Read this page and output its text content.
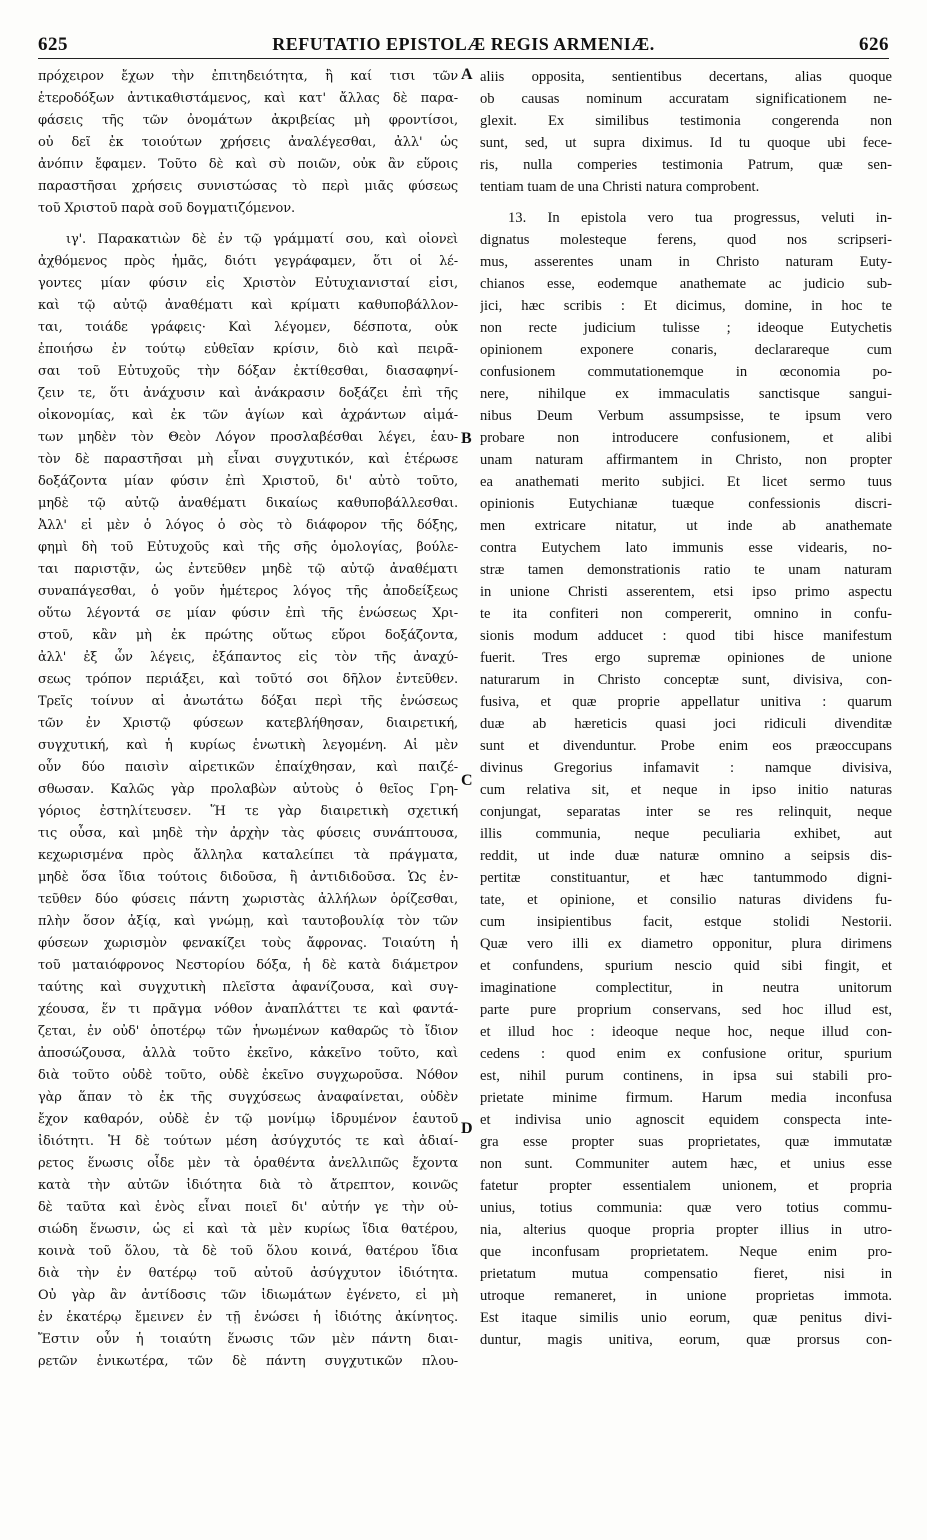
625	REFUTATIO EPISTOLÆ REGIS ARMENIÆ.	626
πρόχειρον ἔχων τὴν ἐπιτηδειότητα, ἢ καί τισι τῶν
ἑτεροδόξων ἀντικαθιστάμενος, καὶ κατ' ἄλλας δὲ παρα-
φάσεις τῆς τῶν ὀνομάτων ἀκριβείας μὴ φροντίσοι,
οὐ δεῖ ἐκ τοιούτων χρήσεις ἀναλέγεσθαι, ἀλλ' ὡς
ἀνόπιν ἔφαμεν. Τοῦτο δὲ καὶ σὺ ποιῶν, οὐκ ἂν εὕροις
παραστῆσαι χρήσεις συνιστώσας τὸ περὶ μιᾶς φύσεως
τοῦ Χριστοῦ παρὰ σοῦ δογματιζόμενον.
ιγ'. Παρακατιὼν δὲ ἐν τῷ γράμματί σου, καὶ οἱονεὶ
ἀχθόμενος πρὸς ἡμᾶς, διότι γεγράφαμεν, ὅτι οἱ λέ-
γοντες μίαν φύσιν εἰς Χριστὸν Εὐτυχιανισταί εἰσι,
καὶ τῷ αὐτῷ ἀναθέματι καὶ κρίματι καθυποβάλλον-
ται, τοιάδε γράφεις· Καὶ λέγομεν, δέσποτα, οὐκ
ἐποιήσω ἐν τούτῳ εὐθεῖαν κρίσιν, διὸ καὶ πειρᾶ-
σαι τοῦ Εὐτυχοῦς τὴν δόξαν ἐκτίθεσθαι, διασαφηνί-
ζειν τε, ὅτι ἀνάχυσιν καὶ ἀνάκρασιν δοξάζει ἐπὶ τῆς
οἰκονομίας, καὶ ἐκ τῶν ἁγίων καὶ ἀχράντων αἱμά-
των μηδὲν τὸν Θεὸν Λόγον προσλαβέσθαι λέγει, ἑαυ-
τὸν δὲ παραστῆσαι μὴ εἶναι συγχυτικόν, καὶ ἑτέρωσε
δοξάζοντα μίαν φύσιν ἐπὶ Χριστοῦ, δι' αὐτὸ τοῦτο,
μηδὲ τῷ αὐτῷ ἀναθέματι δικαίως καθυποβάλλεσθαι.
Ἀλλ' εἰ μὲν ὁ λόγος ὁ σὸς τὸ διάφορον τῆς δόξης,
φημὶ δὴ τοῦ Εὐτυχοῦς καὶ τῆς σῆς ὁμολογίας, βούλε-
ται παριστᾷν, ὡς ἐντεῦθεν μηδὲ τῷ αὐτῷ ἀναθέματι
συναπάγεσθαι, ὁ γοῦν ἡμέτερος λόγος τῆς ἀποδείξεως
οὕτω λέγοντά σε μίαν φύσιν ἐπὶ τῆς ἑνώσεως Χρι-
στοῦ, κἂν μὴ ἐκ πρώτης οὕτως εὕροι δοξάζοντα,
ἀλλ' ἐξ ὧν λέγεις, ἐξάπαντος εἰς τὸν τῆς ἀναχύ-
σεως τρόπον περιάξει, καὶ τοῦτό σοι δῆλον ἐντεῦθεν.
Τρεῖς τοίνυν αἱ ἀνωτάτω δόξαι περὶ τῆς ἑνώσεως
τῶν ἐν Χριστῷ φύσεων κατεβλήθησαν, διαιρετική,
συγχυτική, καὶ ἡ κυρίως ἑνωτικὴ λεγομένη. Αἱ μὲν
οὖν δύο παισὶν αἱρετικῶν ἐπαίχθησαν, καὶ παιζέ-
σθωσαν. Καλῶς γὰρ προλαβὼν αὐτοὺς ὁ θεῖος Γρη-
γόριος ἐστηλίτευσεν. Ἥ τε γὰρ διαιρετικὴ σχετική
τις οὖσα, καὶ μηδὲ τὴν ἀρχὴν τὰς φύσεις συνάπτουσα,
κεχωρισμένα πρὸς ἄλληλα καταλείπει τὰ πράγματα,
μηδὲ ὅσα ἴδια τούτοις διδοῦσα, ἢ ἀντιδιδοῦσα. Ὡς ἐν-
τεῦθεν δύο φύσεις πάντη χωριστὰς ἀλλήλων ὁρίζεσθαι,
πλὴν ὅσον ἀξίᾳ, καὶ γνώμῃ, καὶ ταυτοβουλίᾳ τὸν τῶν
φύσεων χωρισμὸν φενακίζει τοὺς ἄφρονας. Τοιαύτη ἡ
τοῦ ματαιόφρονος Νεστορίου δόξα, ἡ δὲ κατὰ διάμετρον
ταύτης καὶ συγχυτικὴ πλεῖστα ἀφανίζουσα, καὶ συγ-
χέουσα, ἕν τι πρᾶγμα νόθον ἀναπλάττει τε καὶ φαντά-
ζεται, ἐν οὐδ' ὁποτέρῳ τῶν ἡνωμένων καθαρῶς τὸ ἴδιον
ἀποσώζουσα, ἀλλὰ τοῦτο ἐκεῖνο, κἀκεῖνο τοῦτο, καὶ
διὰ τοῦτο οὐδὲ τοῦτο, οὐδὲ ἐκεῖνο συγχωροῦσα. Νόθον
γὰρ ἅπαν τὸ ἐκ τῆς συγχύσεως ἀναφαίνεται, οὐδὲν
ἔχον καθαρόν, οὐδὲ ἐν τῷ μονίμῳ ἱδρυμένον ἑαυτοῦ
ἰδιότητι. Ἡ δὲ τούτων μέση ἀσύγχυτός τε καὶ ἀδιαί-
ρετος ἕνωσις οἶδε μὲν τὰ ὁραθέντα ἀνελλιπῶς ἔχοντα
κατὰ τὴν αὐτῶν ἰδιότητα διὰ τὸ ἄτρεπτον, κοινῶς
δὲ ταῦτα καὶ ἑνὸς εἶναι ποιεῖ δι' αὐτήν γε τὴν οὐ-
σιώδη ἕνωσιν, ὡς εἰ καὶ τὰ μὲν κυρίως ἴδια θατέρου,
κοινὰ τοῦ ὅλου, τὰ δὲ τοῦ ὅλου κοινά, θατέρου ἴδια
διὰ τὴν ἐν θατέρῳ τοῦ αὐτοῦ ἀσύγχυτον ἰδιότητα.
Οὐ γὰρ ἂν ἀντίδοσις τῶν ἰδιωμάτων ἐγένετο, εἰ μὴ
ἐν ἑκατέρῳ ἔμεινεν ἐν τῇ ἑνώσει ἡ ἰδιότης ἀκίνητος.
Ἔστιν οὖν ἡ τοιαύτη ἕνωσις τῶν μὲν πάντη διαι-
ρετῶν ἑνικωτέρα, τῶν δὲ πάντη συγχυτικῶν πλου-
aliis opposita, sentientibus decertans, alias quoque
ob causas nominum accuratam significationem ne-
glexit. Ex similibus testimonia congerenda non
sunt, sed, ut supra diximus. Id tu quoque ubi fece-
ris, nulla comperies testimonia Patrum, quæ sen-
tentiam tuam de una Christi natura comprobent.
13. In epistola vero tua progressus, veluti in-
dignatus molesteque ferens, quod nos scripseri-
mus, asserentes unam in Christo naturam Euty-
chianos esse, eodemque anathemate ac judicio sub-
jici, hæc scribis : Et dicimus, domine, in hoc te
non recte judicium tulisse ; ideoque Eutychetis
opinionem exponere conaris, declarareque cum
confusionem commutationemque in œconomia po-
nere, nihilque ex immaculatis sanctisque sangui-
nibus Deum Verbum assumpsisse, te ipsum vero
probare non introducere confusionem, et alibi
unam naturam affirmantem in Christo, non propter
ea anathemati merito subjici. Et licet sermo tuus
opinionis Eutychianæ tuæque confessionis discri-
men extricare nitatur, ut inde ab anathemate
contra Eutychem lato immunis esse videaris, no-
stræ tamen demonstrationis ratio te unam naturam
in unione Christi asserentem, etsi ipso primo aspectu
te ita confiteri non compererit, omnino in confu-
sionis modum adducet : quod tibi hisce manifestum
fuerit. Tres ergo supremæ opiniones de unione
naturarum in Christo conceptæ sunt, divisiva, con-
fusiva, et quæ proprie appellatur unitiva : quarum
duæ ab hæreticis quasi joci ridiculi divenditæ
sunt et divenduntur. Probe enim eos præoccupans
divinus Gregorius infamavit : namque divisiva,
cum relativa sit, et neque in ipso initio naturas
conjungat, separatas inter se res relinquit, neque
illis communia, neque peculiaria exhibet, aut
reddit, ut inde duæ naturæ omnino a seipsis dis-
pertitæ constituantur, et hæc tantummodo digni-
tate, et opinione, et consilio naturas dividens fu-
cum insipientibus facit, estque stolidi Nestorii.
Quæ vero illi ex diametro opponitur, plura dirimens
et confundens, spurium nescio quid sibi fingit, et
imaginatione complectitur, in neutra unitorum
parte pure proprium conservans, sed hoc illud est,
et illud hoc : ideoque neque hoc, neque illud con-
cedens : quod enim ex confusione oritur, spurium
est, nihil purum continens, in ipsa sui stabili pro-
prietate minime firmum. Harum media inconfusa
et indivisa unio agnoscit equidem conspecta inte-
gra esse propter suas proprietates, quæ immutatæ
non sunt. Communiter autem hæc, et unius esse
fatetur propter essentialem unionem, et propria
unius, totius communia: quæ vero totius commu-
nia, alterius quoque propria propter illius in utro-
que inconfusam proprietatem. Neque enim pro-
prietatum mutua compensatio fieret, nisi in
utroque remaneret, in unione proprietas immota.
Est itaque similis unio eorum, quæ penitus divi-
duntur, magis unitiva, eorum, quæ prorsus con-
A
B
C
D
